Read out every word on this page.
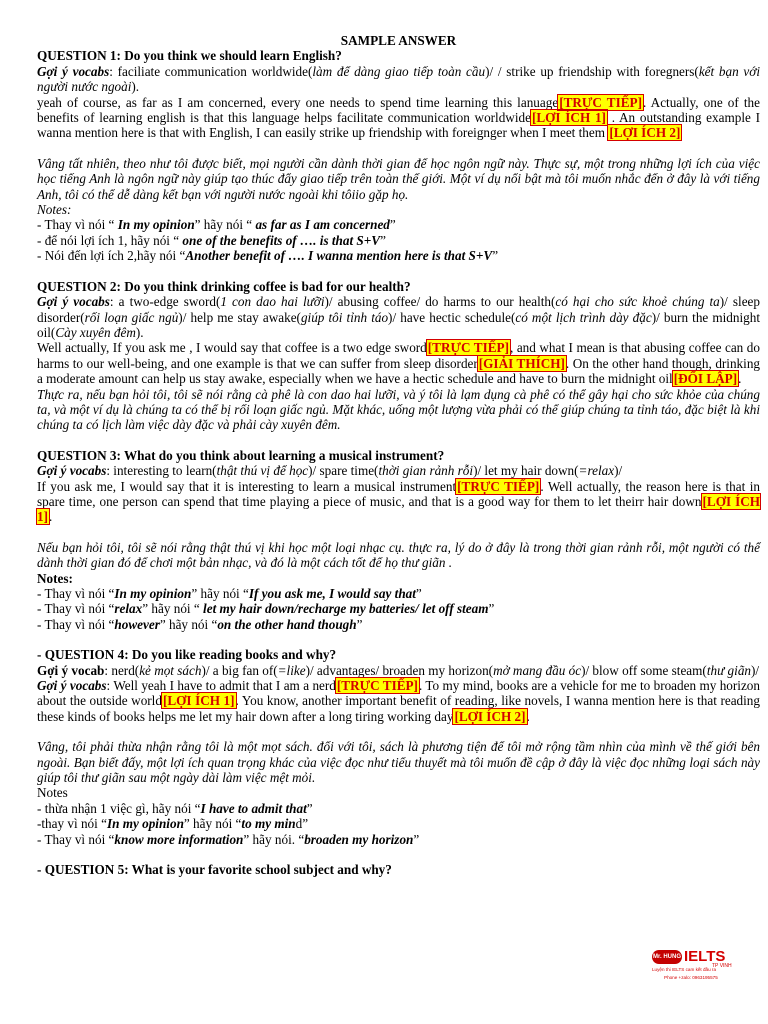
SAMPLE ANSWER

QUESTION 1: Do you think we should learn English?

Gợi ý vocabs: faciliate communication worldwide(làm để dàng giao tiếp toàn cầu)/ / strike up friendship with foregners(kết bạn với người nước ngoài).

yeah of course, as far as I am concerned, every one needs to spend time learning this lanuage[TRỰC TIẾP]. Actually, one of the benefits of learning english is that this language helps facilitate communication worldwide[LỢI ÍCH 1] . An outstanding example I wanna mention here is that with English, I can easily strike up friendship with foreignger when I meet them [LỢI ÍCH 2]

Vâng tất nhiên, theo như tôi được biết, mọi người cần dành thời gian để học ngôn ngữ này. Thực sự, một trong những lợi ích của việc học tiếng Anh là ngôn ngữ này giúp tạo thúc đẩy giao tiếp trên toàn thế giới. Một ví dụ nổi bật mà tôi muốn nhắc đến ở đây là với tiếng Anh, tôi có thể dễ dàng kết bạn với người nước ngoài khi tôiio gặp họ.

Notes:

- Thay vì nói “ In my opinion” hãy nói “ as far as I am concerned”

- để nói lợi ích 1, hãy nói “ one of the benefits of …. is that S+V”

- Nói đến lợi ích 2,hãy nói “Another benefit of …. I wanna mention here is that S+V”

QUESTION 2: Do you think drinking coffee is bad for our health?

Gợi ý vocabs: a two-edge sword(1 con dao hai lưỡi)/ abusing coffee/ do harms to our health(có hại cho sức khoẻ chúng ta)/ sleep disorder(rối loạn giấc ngủ)/ help me stay awake(giúp tôi tỉnh táo)/ have hectic schedule(có một lịch trình dày đặc)/ burn the midnight oil(Cày xuyên đêm).

Well actually, If you ask me , I would say that coffee is a two edge sword[TRỰC TIẾP], and what I mean is that abusing coffee can do harms to our well-being, and one example is that we can suffer from sleep disorder[GIẢI THÍCH]. On the other hand though, drinking a moderate amount can help us stay awake, especially when we have a hectic schedule and have to burn the midnight oil[ĐỐI LẬP].

Thực ra, nếu bạn hỏi tôi, tôi sẽ nói rằng cà phê là con dao hai lưỡi, và ý tôi là lạm dụng cà phê có thể gây hại cho sức khỏe của chúng ta, và một ví dụ là chúng ta có thể bị rối loạn giấc ngủ. Mặt khác, uống một lượng vừa phải có thể giúp chúng ta tỉnh táo, đặc biệt là khi chúng ta có lịch làm việc dày đặc và phải cày xuyên đêm.

QUESTION 3: What do you think about learning a musical instrument?

Gợi ý vocabs: interesting to learn(thật thú vị để học)/ spare time(thời gian rảnh rỗi)/ let my hair down(=relax)/

If you ask me, I would say that it is interesting to learn a musical instrument[TRỰC TIẾP]. Well actually, the reason here is that in spare time, one person can spend that time playing a piece of music, and that is a good way for them to let theirr hair down[LỢI ÍCH 1].

Nếu bạn hỏi tôi, tôi sẽ nói rằng thật thú vị khi học một loại nhạc cụ. thực ra, lý do ở đây là trong thời gian rảnh rỗi, một người có thể dành thời gian đó để chơi một bản nhạc, và đó là một cách tốt để họ thư giãn .

Notes:

- Thay vì nói “In my opinion” hãy nói “If you ask me, I would say that”

- Thay vì nói “relax” hãy nói “ let my hair down/recharge my batteries/ let off steam”

- Thay vì nói “however” hãy nói “on the other hand though”

- QUESTION 4: Do you like reading books and why?

Gợi ý vocab: nerd(kẻ mọt sách)/ a big fan of(=like)/ advantages/ broaden my horizon(mở mang đầu óc)/ blow off some steam(thư giãn)/

Gợi ý vocabs: Well yeah I have to admit that I am a nerd[TRỰC TIẾP]. To my mind, books are a vehicle for me to broaden my horizon about the outside world[LỢI ÍCH 1]. You know, another important benefit of reading, like novels, I wanna mention here is that reading these kinds of books helps me let my hair down after a long tiring working day[LỢI ÍCH 2].

Vâng, tôi phải thừa nhận rằng tôi là một mọt sách. đối với tôi, sách là phương tiện để tôi mở rộng tầm nhìn của mình về thế giới bên ngoài. Bạn biết đấy, một lợi ích quan trọng khác của việc đọc như tiểu thuyết mà tôi muốn đề cập ở đây là việc đọc những loại sách này giúp tôi thư giãn sau một ngày dài làm việc mệt mỏi.

Notes

- thừa nhận 1 việc gì, hãy nói “I have to admit that”

-thay vì nói “In my opinion” hãy nói “to my mind”

- Thay vì nói “know more information” hãy nói. “broaden my horizon”

- QUESTION 5: What is your favorite school subject and why?

Mr. HUNG IELTS
TP VINH
Luyện thi IELTS cam kết đầu ra
Phone +zalo: 0963195575
